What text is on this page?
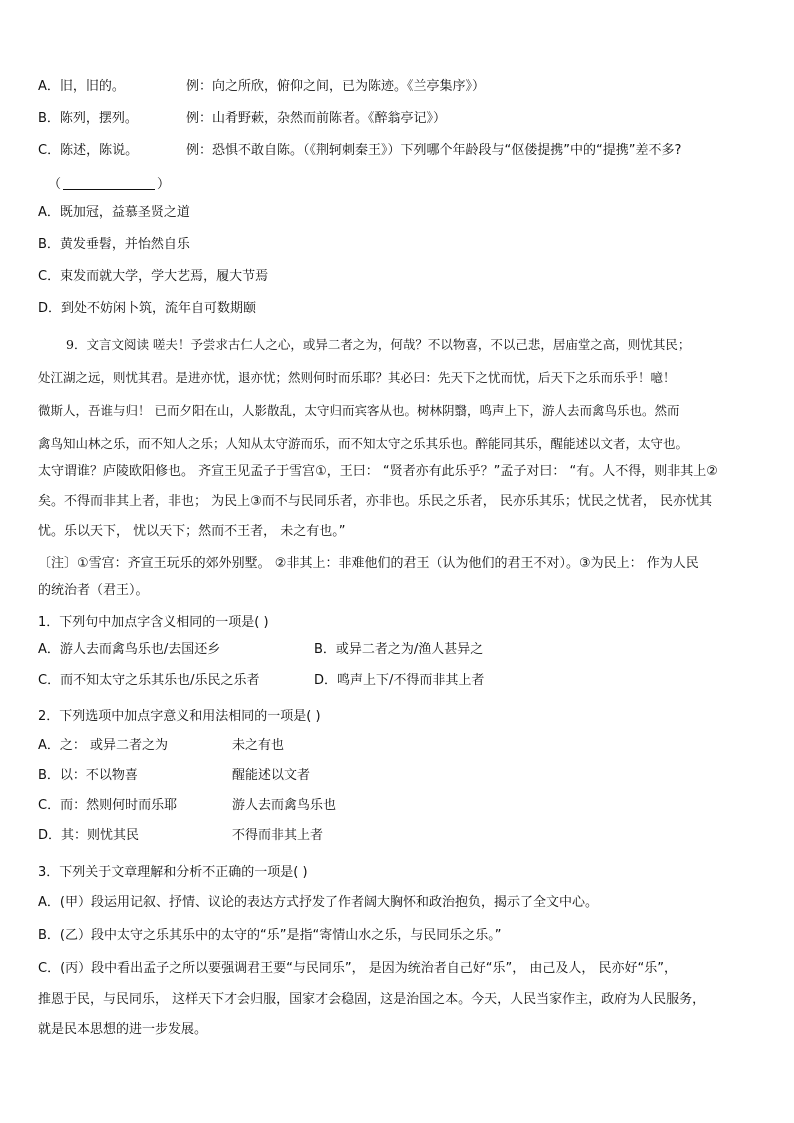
A．旧，旧的。	例：向之所欣，俯仰之间，已为陈迹。《兰亭集序》）
B．陈列，摆列。	例：山肴野蔌，杂然而前陈者。《醉翁亭记》）
C．陈述，陈说。	例：恐惧不敢自陈。（《荆轲刺秦王》）下列哪个年龄段与“伛偻提携”中的“提携”差不多?
（	）
A．既加冠，益慕圣贤之道
B．黄发垂髫，并怡然自乐
C．束发而就大学，学大艺焉，履大节焉
D．到处不妨闲卜筑，流年自可数期颐
9．文言文阅读 嗟夫！予尝求古仁人之心，或异二者之为，何哉？不以物喜，不以己悲，居庙堂之高，则忧其民；
处江湖之远，则忧其君。是进亦忧，退亦忧；然则何时而乐耶？其必曰：先天下之忧而忧，后天下之乐而乐乎！噫！
微斯人，吾谁与归！ 已而夕阳在山，人影散乱，太守归而宾客从也。树林阴翳，鸣声上下，游人去而禽鸟乐也。然而
禽鸟知山林之乐，而不知人之乐；人知从太守游而乐，而不知太守之乐其乐也。醉能同其乐，醒能述以文者，太守也。
太守谓谁？庐陵欧阳修也。 齐宣王见孟子于雪宫①，王曰： “贤者亦有此乐乎？”孟子对曰： “有。人不得，则非其上②
矣。不得而非其上者，非也； 为民上③而不与民同乐者，亦非也。乐民之乐者， 民亦乐其乐；忧民之忧者， 民亦忧其
忧。乐以天下， 忧以天下；然而不王者， 未之有也。”
〔注〕①雪宫：齐宣王玩乐的郊外别墅。 ②非其上：非难他们的君王（认为他们的君王不对）。③为民上： 作为人民
的统治者（君王）。
1．下列句中加点字含义相同的一项是( )
A．游人去而禽鸟乐也/去国还乡	B．或异二者之为/渔人甚异之
C．而不知太守之乐其乐也/乐民之乐者	D．鸣声上下/不得而非其上者
2．下列选项中加点字意义和用法相同的一项是( )
A．之： 或异二者之为	未之有也
B．以：不以物喜	醒能述以文者
C．而：然则何时而乐耶	游人去而禽鸟乐也
D．其：则忧其民	不得而非其上者
3．下列关于文章理解和分析不正确的一项是( )
A．(甲）段运用记叙、抒情、议论的表达方式抒发了作者阔大胸怀和政治抱负，揭示了全文中心。
B．(乙）段中太守之乐其乐中的太守的“乐”是指“寄情山水之乐，与民同乐之乐。”
C．(丙）段中看出孟子之所以要强调君王要“与民同乐”， 是因为统治者自己好“乐”， 由己及人， 民亦好“乐”，
推恩于民，与民同乐， 这样天下才会归服，国家才会稳固，这是治国之本。今天，人民当家作主，政府为人民服务，
就是民本思想的进一步发展。
